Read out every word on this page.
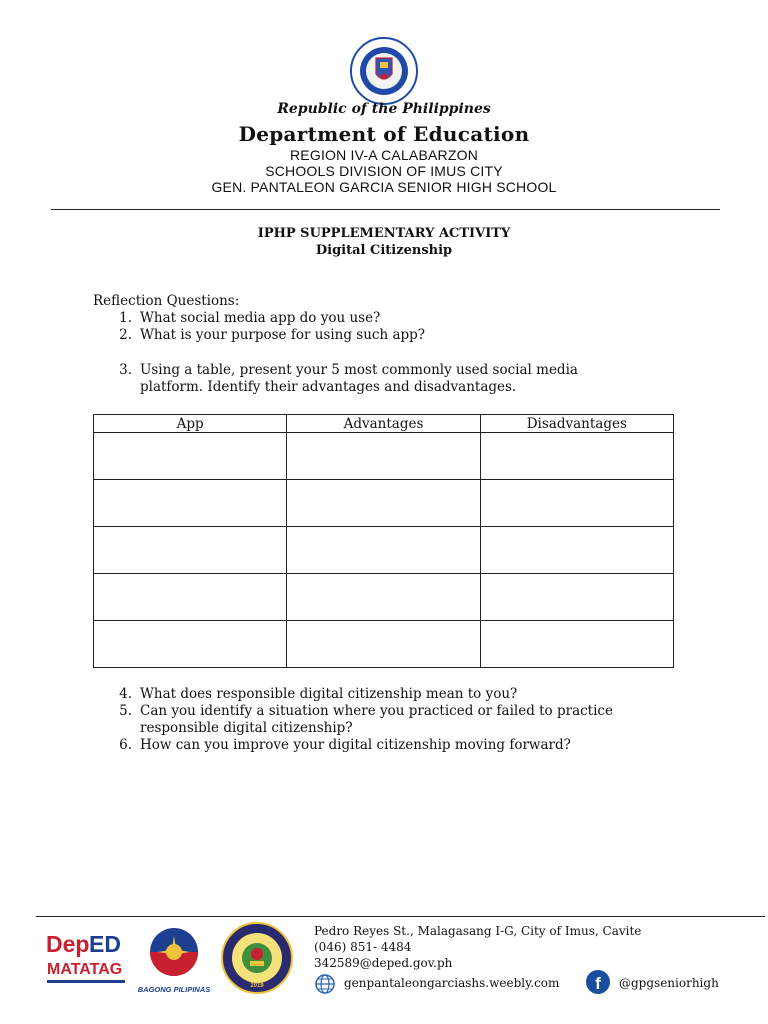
Republic of the Philippines
Department of Education
REGION IV-A CALABARZON
SCHOOLS DIVISION OF IMUS CITY
GEN. PANTALEON GARCIA SENIOR HIGH SCHOOL
IPHP SUPPLEMENTARY ACTIVITY
Digital Citizenship
Reflection Questions:
1. What social media app do you use?
2. What is your purpose for using such app?
3. Using a table, present your 5 most commonly used social media
platform. Identify their advantages and disadvantages.
App	Advantages	Disadvantages

4. What does responsible digital citizenship mean to you?
5. Can you identify a situation where you practiced or failed to practice
responsible digital citizenship?
6. How can you improve your digital citizenship moving forward?
Dep ED
MATATAG
BAGONG PILIPINAS	2019
Pedro Reyes St., Malagasang I-G, City of Imus, Cavite
(046) 851- 4484
342589@deped.gov.ph
genpantaleongarciashs.weebly.com f @gpgseniorhigh
